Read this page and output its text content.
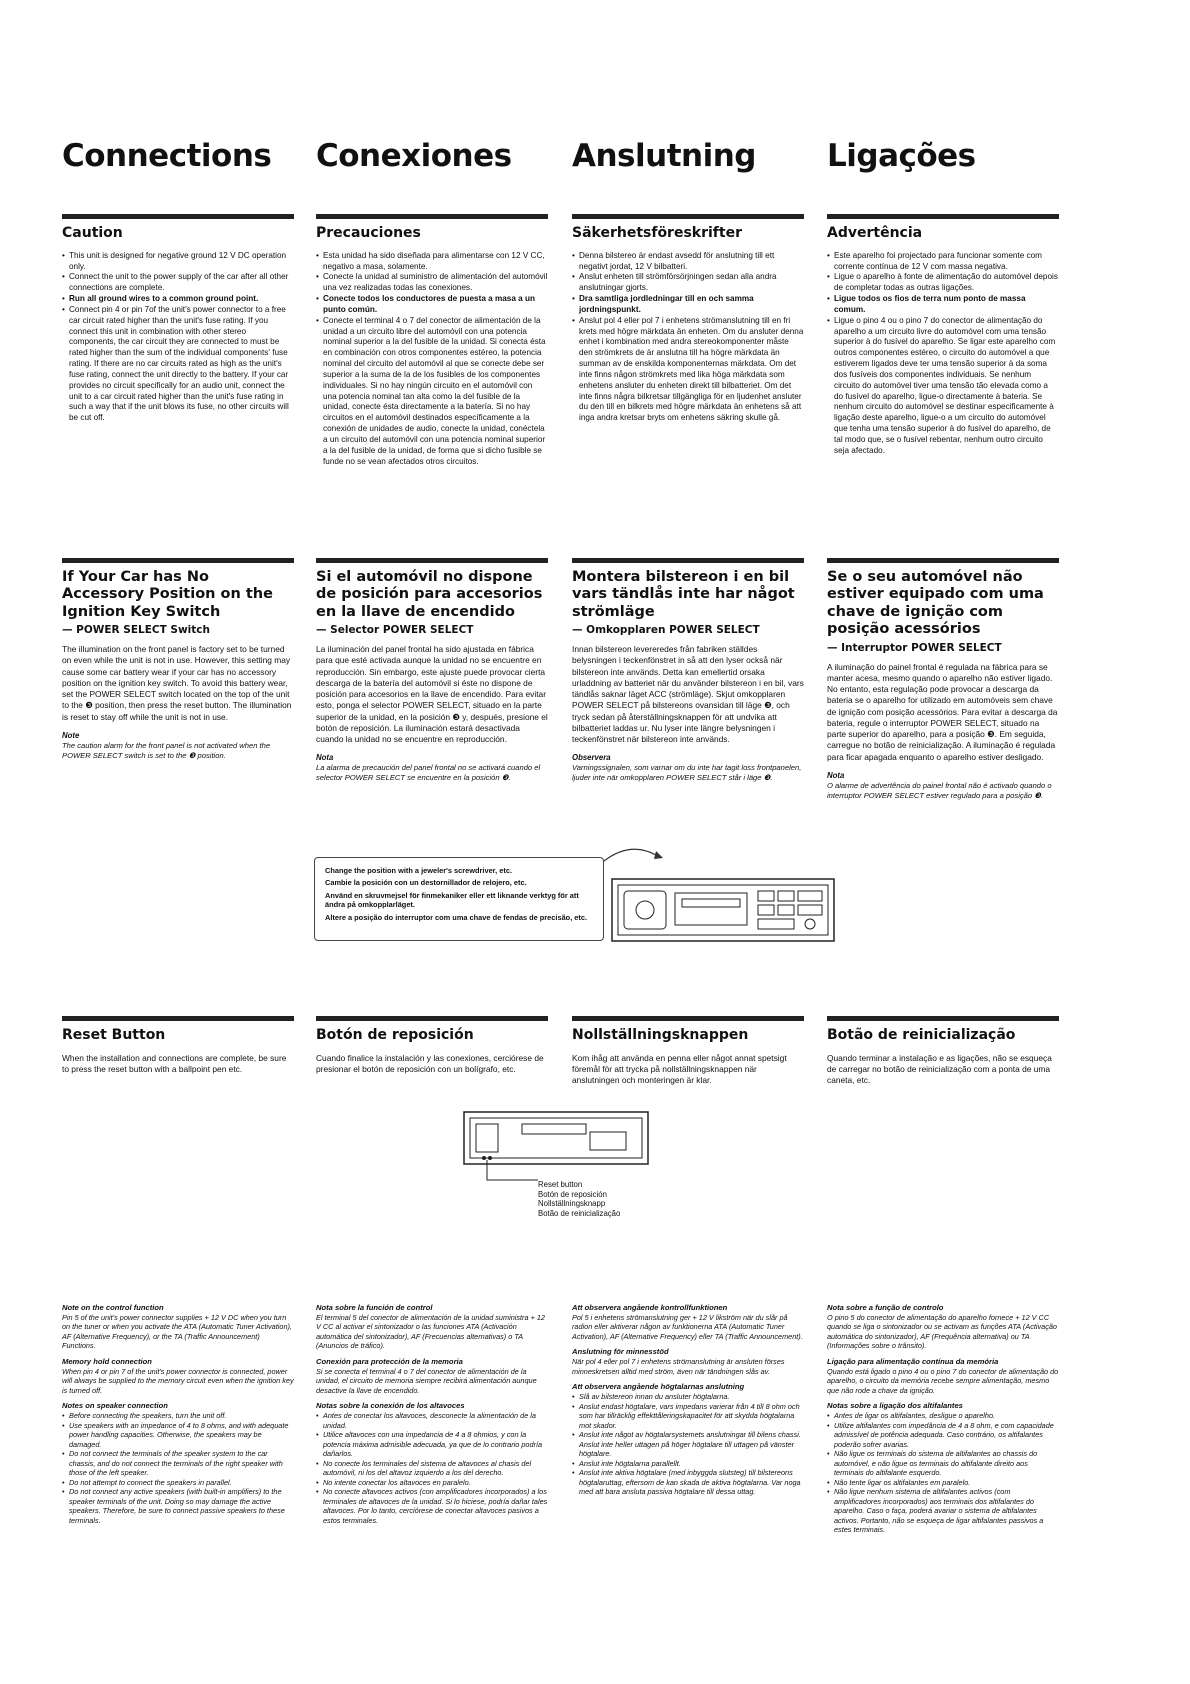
Connections Conexiones Anslutning Ligações
Caution
• This unit is designed for negative ground 12 V DC operation only.
• Connect the unit to the power supply of the car after all other connections are complete.
• Run all ground wires to a common ground point.
• Connect pin 4 or pin 7of the unit's power connector to a free car circuit rated higher than the unit's fuse rating. If you connect this unit in combination with other stereo components, the car circuit they are connected to must be rated higher than the sum of the individual components' fuse rating. If there are no car circuits rated as high as the unit's fuse rating, connect the unit directly to the battery. If your car provides no circuit specifically for an audio unit, connect the unit to a car circuit rated higher than the unit's fuse rating in such a way that if the unit blows its fuse, no other circuits will be cut off.
Precauciones
• Esta unidad ha sido diseñada para alimentarse con 12 V CC, negativo a masa, solamente.
• Conecte la unidad al suministro de alimentación del automóvil una vez realizadas todas las conexiones.
• Conecte todos los conductores de puesta a masa a un punto común.
• Conecte el terminal 4 o 7 del conector de alimentación de la unidad a un circuito libre del automóvil con una potencia nominal superior a la del fusible de la unidad. Si conecta ésta en combinación con otros componentes estéreo, la potencia nominal del circuito del automóvil al que se conecte debe ser superior a la suma de la de los fusibles de los componentes individuales. Si no hay ningún circuito en el automóvil con una potencia nominal tan alta como la del fusible de la unidad, conecte ésta directamente a la batería. Si no hay circuitos en el automóvil destinados específicamente a la conexión de unidades de audio, conecte la unidad, conéctela a un circuito del automóvil con una potencia nominal superior a la del fusible de la unidad, de forma que si dicho fusible se funde no se vean afectados otros circuitos.
Säkerhetsföreskrifter
• Denna bilstereo är endast avsedd för anslutning till ett negativt jordat, 12 V bilbatteri.
• Anslut enheten till strömförsörjningen sedan alla andra anslutningar gjorts.
• Dra samtliga jordledningar till en och samma jordningspunkt.
• Anslut pol 4 eller pol 7 i enhetens strömanslutning till en fri krets med högre märkdata än enheten. Om du ansluter denna enhet i kombination med andra stereokomponenter måste den strömkrets de är anslutna till ha högre märkdata än summan av de enskilda komponenternas märkdata. Om det inte finns någon strömkrets med lika höga märkdata som enhetens ansluter du enheten direkt till bilbatteriet. Om det inte finns några bilkretsar tillgängliga för en ljudenhet ansluter du den till en bilkrets med högre märkdata än enhetens så att inga andra kretsar bryts om enhetens säkring skulle gå.
Advertência
• Este aparelho foi projectado para funcionar somente com corrente contínua de 12 V com massa negativa.
• Ligue o aparelho à fonte de alimentação do automóvel depois de completar todas as outras ligações.
• Ligue todos os fios de terra num ponto de massa comum.
• Ligue o pino 4 ou o pino 7 do conector de alimentação do aparelho a um circuito livre do automóvel com uma tensão superior à do fusível do aparelho. Se ligar este aparelho com outros componentes estéreo, o circuito do automóvel a que estiverem ligados deve ter uma tensão superior à da soma dos fusíveis dos componentes individuais. Se nenhum circuito do automóvel tiver uma tensão tão elevada como a do fusível do aparelho, ligue-o directamente à bateria. Se nenhum circuito do automóvel se destinar especificamente à ligação deste aparelho, ligue-o a um circuito do automóvel que tenha uma tensão superior à do fusível do aparelho, de tal modo que, se o fusível rebentar, nenhum outro circuito seja afectado.
If Your Car has No Accessory Position on the Ignition Key Switch
— POWER SELECT Switch

The illumination on the front panel is factory set to be turned on even while the unit is not in use. However, this setting may cause some car battery wear if your car has no accessory position on the ignition key switch. To avoid this battery wear, set the POWER SELECT switch located on the top of the unit to the ❸ position, then press the reset button. The illumination is reset to stay off while the unit is not in use.

Note

The caution alarm for the front panel is not activated when the POWER SELECT switch is set to the ❸ position.

Si el automóvil no dispone de posición para accesorios en la llave de encendido
— Selector POWER SELECT

La iluminación del panel frontal ha sido ajustada en fábrica para que esté activada aunque la unidad no se encuentre en reproducción. Sin embargo, este ajuste puede provocar cierta descarga de la batería del automóvil si éste no dispone de posición para accesorios en la llave de encendido. Para evitar esto, ponga el selector POWER SELECT, situado en la parte superior de la unidad, en la posición ❸ y, después, presione el botón de reposición. La iluminación estará desactivada cuando la unidad no se encuentre en reproducción.

Nota

La alarma de precaución del panel frontal no se activará cuando el selector POWER SELECT se encuentre en la posición ❸.

Montera bilstereon i en bil vars tändlås inte har något strömläge
— Omkopplaren POWER SELECT

Innan bilstereon levereredes från fabriken ställdes belysningen i teckenfönstret in så att den lyser också när bilstereon inte används. Detta kan emellertid orsaka urladdning av batteriet när du använder bilstereon i en bil, vars tändlås saknar läget ACC (strömläge). Skjut omkopplaren POWER SELECT på bilstereons ovansidan till läge ❸, och tryck sedan på återställningsknappen för att undvika att bilbatteriet laddas ur. Nu lyser inte längre belysningen i teckenfönstret när bilstereon inte används.

Observera

Varningssignalen, som varnar om du inte har tagit loss frontpanelen, ljuder inte när omkopplaren POWER SELECT står i läge ❸.

Se o seu automóvel não estiver equipado com uma chave de ignição com posição acessórios
— Interruptor POWER SELECT

A iluminação do painel frontal é regulada na fábrica para se manter acesa, mesmo quando o aparelho não estiver ligado. No entanto, esta regulação pode provocar a descarga da bateria se o aparelho for utilizado em automóveis sem chave de ignição com posição acessórios. Para evitar a descarga da bateria, regule o interruptor POWER SELECT, situado na parte superior do aparelho, para a posição ❸. Em seguida, carregue no botão de reinicialização. A iluminação é regulada para ficar apagada enquanto o aparelho estiver desligado.

Nota

O alarme de advertência do painel frontal não é activado quando o interruptor POWER SELECT estiver regulado para a posição ❸.

Change the position with a jeweler's screwdriver, etc.

Cambie la posición con un destornillador de relojero, etc.

Använd en skruvmejsel för finmekaniker eller ett liknande verktyg för att ändra på omkopplarläget.

Altere a posição do interruptor com uma chave de fendas de precisão, etc.

Reset Button

When the installation and connections are complete, be sure to press the reset button with a ballpoint pen etc.

Botón de reposición

Cuando finalice la instalación y las conexiones, cerciórese de presionar el botón de reposición con un bolígrafo, etc.

Nollställningsknappen

Kom ihåg att använda en penna eller något annat spetsigt föremål för att trycka på nollställningsknappen när anslutningen och monteringen är klar.

Botão de reinicialização

Quando terminar a instalação e as ligações, não se esqueça de carregar no botão de reinicialização com a ponta de uma caneta, etc.

Reset button
Botón de reposición
Nollställningsknapp
Botão de reinicialização
Note on the control function

Pin 5 of the unit's power connector supplies + 12 V DC when you turn on the tuner or when you activate the ATA (Automatic Tuner Activation), AF (Alternative Frequency), or the TA (Traffic Announcement) Functions.

Memory hold connection

When pin 4 or pin 7 of the unit's power connector is connected, power will always be supplied to the memory circuit even when the ignition key is turned off.

Notes on speaker connection
• Before connecting the speakers, turn the unit off.
• Use speakers with an impedance of 4 to 8 ohms, and with adequate power handling capacities. Otherwise, the speakers may be damaged.
• Do not connect the terminals of the speaker system to the car chassis, and do not connect the terminals of the right speaker with those of the left speaker.
• Do not attempt to connect the speakers in parallel.
• Do not connect any active speakers (with built-in amplifiers) to the speaker terminals of the unit. Doing so may damage the active speakers. Therefore, be sure to connect passive speakers to these terminals.
Nota sobre la función de control

El terminal 5 del conector de alimentación de la unidad suministra + 12 V CC al activar el sintonizador o las funciones ATA (Activación automática del sintonizador), AF (Frecuencias alternativas) o TA (Anuncios de tráfico).

Conexión para protección de la memoria

Si se conecta el terminal 4 o 7 del conector de alimentación de la unidad, el circuito de memoria siempre recibirá alimentación aunque desactive la llave de encendido.

Notas sobre la conexión de los altavoces
• Antes de conectar los altavoces, desconecte la alimentación de la unidad.
• Utilice altavoces con una impedancia de 4 a 8 ohmios, y con la potencia máxima admisible adecuada, ya que de lo contrario podría dañarlos.
• No conecte los terminales del sistema de altavoces al chasis del automóvil, ni los del altavoz izquierdo a los del derecho.
• No intente conectar los altavoces en paralelo.
• No conecte altavoces activos (con amplificadores incorporados) a los terminales de altavoces de la unidad. Si lo hiciese, podría dañar tales altavoces. Por lo tanto, cerciórese de conectar altavoces pasivos a estos terminales.
Att observera angående kontrollfunktionen

Pol 5 i enhetens strömanslutning ger + 12 V likström när du slår på radion eller aktiverar någon av funktionerna ATA (Automatic Tuner Activation), AF (Alternative Frequency) eller TA (Traffic Announcement).

Anslutning för minnesstöd

När pol 4 eller pol 7 i enhetens strömanslutning är ansluten förses minneskretsen alltid med ström, även när tändningen slås av.

Att observera angående högtalarnas anslutning
• Slå av bilstereon innan du ansluter högtalarna.
• Anslut endast högtalare, vars impedans varierar från 4 till 8 ohm och som har tillräcklig effekttåleringskapacitet för att skydda högtalarna mot skador.
• Anslut inte något av högtalarsystemets anslutningar till bilens chassi. Anslut inte heller uttagen på höger högtalare till uttagen på vänster högtalare.
• Anslut inte högtalarna parallellt.
• Anslut inte aktiva högtalare (med inbyggda slutsteg) till bilstereons högtalaruttag, eftersom de kan skada de aktiva högtalarna. Var noga med att bara ansluta passiva högtalare till dessa uttag.
Nota sobre a função de controlo

O pino 5 do conector de alimentação do aparelho fornece + 12 V CC quando se liga o sintonizador ou se activam as funções ATA (Activação automática do sintonizador), AF (Frequência alternativa) ou TA (Informações sobre o trânsito).

Ligação para alimentação contínua da memória

Quando está ligado o pino 4 ou o pino 7 do conector de alimentação do aparelho, o circuito da memória recebe sempre alimentação, mesmo que não rode a chave da ignição.

Notas sobre a ligação dos altifalantes
• Antes de ligar os altifalantes, desligue o aparelho.
• Utilize altifalantes com impedância de 4 a 8 ohm, e com capacidade admissível de potência adequada. Caso contrário, os altifalantes poderão sofrer avarias.
• Não ligue os terminais do sistema de altifalantes ao chassis do automóvel, e não ligue os terminais do altifalante direito aos terminais do altifalante esquerdo.
• Não tente ligar os altifalantes em paralelo.
• Não ligue nenhum sistema de altifalantes activos (com amplificadores incorporados) aos terminais dos altifalantes do aparelho. Caso o faça, poderá avariar o sistema de altifalantes activos. Portanto, não se esqueça de ligar altifalantes passivos a estes terminais.
